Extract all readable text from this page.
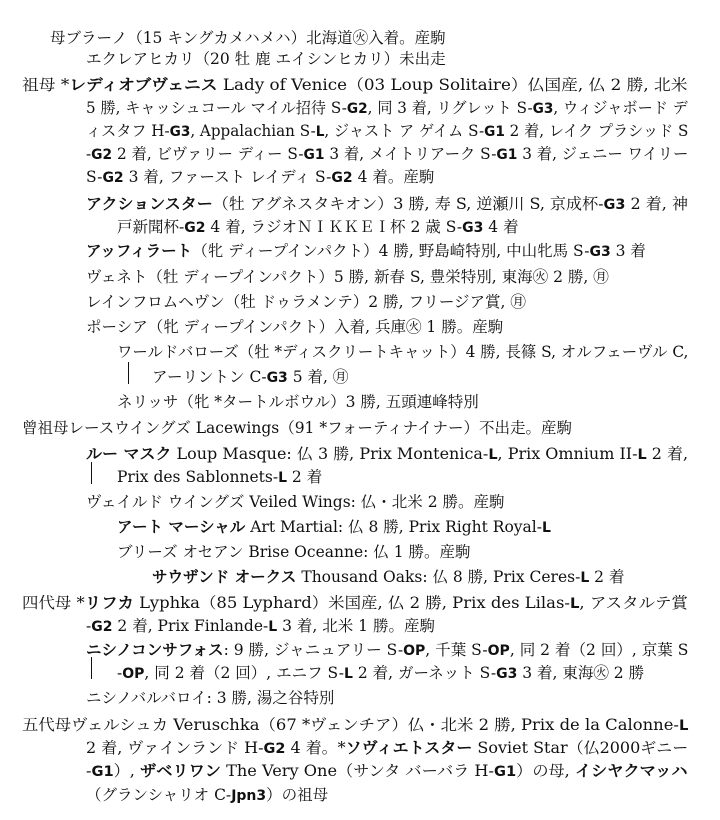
母ブラーノ（15 キングカメハメハ）北海道㊋入着。産駒
エクレアヒカリ（20 牡 鹿 エイシンヒカリ）未出走
祖母 *レディオブヴェニス Lady of Venice（03 Loup Solitaire）仏国産, 仏 2 勝, 北米
5 勝, キャッシュコール マイル招待 S-G2, 同 3 着, リグレット S-G3, ウィジャボード デ
ィスタフ H-G3, Appalachian S-L, ジャスト ア ゲイム S-G1 2 着, レイク プラシッド S
-G2 2 着, ビヴァリー ディー S-G1 3 着, メイトリアーク S-G1 3 着, ジェニー ワイリー
S-G2 3 着, ファースト レイディ S-G2 4 着。産駒
アクションスター（牡 アグネスタキオン）3 勝, 寿 S, 逆瀬川 S, 京成杯-G3 2 着, 神
戸新聞杯-G2 4 着, ラジオＮＩＫＫＥＩ杯 2 歳 S-G3 4 着
アッフィラート（牝 ディープインパクト）4 勝, 野島崎特別, 中山牝馬 S-G3 3 着
ヴェネト（牡 ディープインパクト）5 勝, 新春 S, 豊栄特別, 東海㊋ 2 勝, ㊊
レインフロムヘヴン（牡 ドゥラメンテ）2 勝, フリージア賞, ㊊
ポーシア（牝 ディープインパクト）入着, 兵庫㊋ 1 勝。産駒
ワールドバローズ（牡 *ディスクリートキャット）4 勝, 長篠 S, オルフェーヴル C,
アーリントン C-G3 5 着, ㊊
ネリッサ（牝 *タートルボウル）3 勝, 五頭連峰特別
曾祖母レースウイングズ Lacewings（91 *フォーティナイナー）不出走。産駒
ルー マスク Loup Masque: 仏 3 勝, Prix Montenica-L, Prix Omnium II-L 2 着,
Prix des Sablonnets-L 2 着
ヴェイルド ウイングズ Veiled Wings: 仏・北米 2 勝。産駒
アート マーシャル Art Martial: 仏 8 勝, Prix Right Royal-L
ブリーズ オセアン Brise Oceanne: 仏 1 勝。産駒
サウザンド オークス Thousand Oaks: 仏 8 勝, Prix Ceres-L 2 着
四代母 *リフカ Lyphka（85 Lyphard）米国産, 仏 2 勝, Prix des Lilas-L, アスタルテ賞
-G2 2 着, Prix Finlande-L 3 着, 北米 1 勝。産駒
ニシノコンサフォス: 9 勝, ジャニュアリー S-OP, 千葉 S-OP, 同 2 着（2 回）, 京葉 S
-OP, 同 2 着（2 回）, エニフ S-L 2 着, ガーネット S-G3 3 着, 東海㊋ 2 勝
ニシノバルバロイ: 3 勝, 湯之谷特別
五代母ヴェルシュカ Veruschka（67 *ヴェンチア）仏・北米 2 勝, Prix de la Calonne-L
2 着, ヴァインランド H-G2 4 着。*ソヴィエトスター Soviet Star（仏2000ギニー
-G1）, ザベリワン The Very One（サンタ バーバラ H-G1）の母, イシヤクマッハ
（グランシャリオ C-Jpn3）の祖母
